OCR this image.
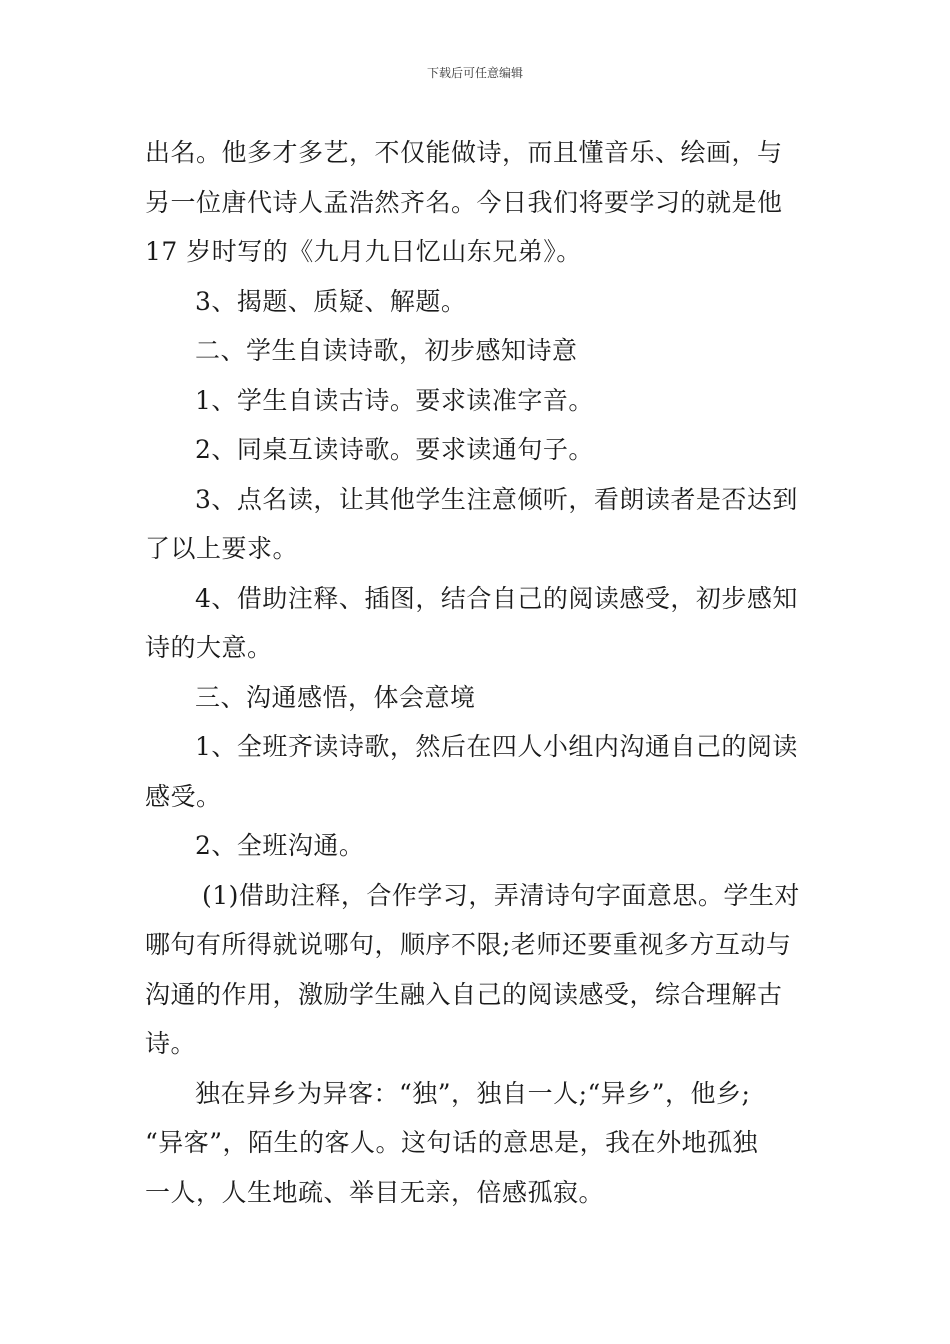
下载后可任意编辑
出名。他多才多艺，不仅能做诗，而且懂音乐、绘画，与
另一位唐代诗人孟浩然齐名。今日我们将要学习的就是他
17 岁时写的《九月九日忆山东兄弟》。
3、揭题、质疑、解题。
二、学生自读诗歌，初步感知诗意
1、学生自读古诗。要求读准字音。
2、同桌互读诗歌。要求读通句子。
3、点名读，让其他学生注意倾听，看朗读者是否达到
了以上要求。
4、借助注释、插图，结合自己的阅读感受，初步感知
诗的大意。
三、沟通感悟，体会意境
1、全班齐读诗歌，然后在四人小组内沟通自己的阅读
感受。
2、全班沟通。
(1)借助注释，合作学习，弄清诗句字面意思。学生对
哪句有所得就说哪句，顺序不限;老师还要重视多方互动与
沟通的作用，激励学生融入自己的阅读感受，综合理解古
诗。
独在异乡为异客：“独”，独自一人;“异乡”，他乡;
“异客”，陌生的客人。这句话的意思是，我在外地孤独
一人，人生地疏、举目无亲，倍感孤寂。
